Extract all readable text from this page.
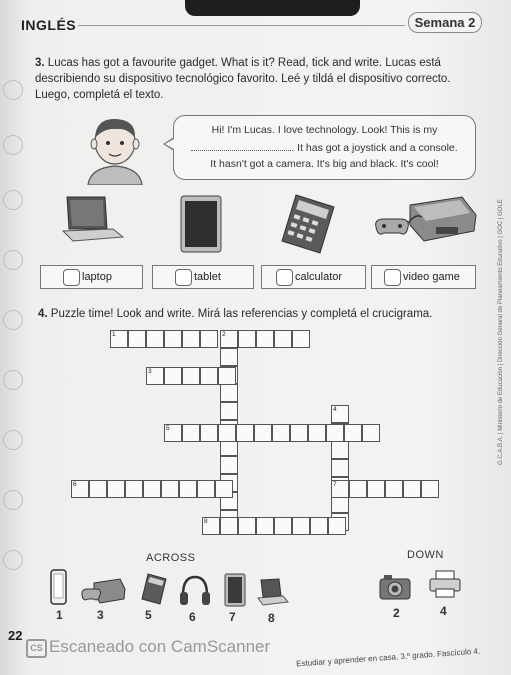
INGLÉS	Semana 2
3. Lucas has got a favourite gadget. What is it? Read, tick and write. Lucas está describiendo su dispositivo tecnológico favorito. Leé y tildá el dispositivo correcto. Luego, completá el texto.
Hi! I'm Lucas. I love technology. Look! This is my
. It has got a joystick and a console.
It hasn't got a camera. It's big and black. It's cool!
laptop	tablet	calculator	video game
4. Puzzle time! Look and write. Mirá las referencias y completá el crucigrama.
1	2
3
4
5
6	7
8
ACROSS	DOWN
1	3	5	6	7	8	2	4
22
CS Escaneado con CamScanner
Estudiar y aprender en casa. 3.º grado. Fascículo 4.
G.C.A.B.A. | Ministerio de Educación | Dirección General de Planeamiento Educativo | GOC | GOLE
